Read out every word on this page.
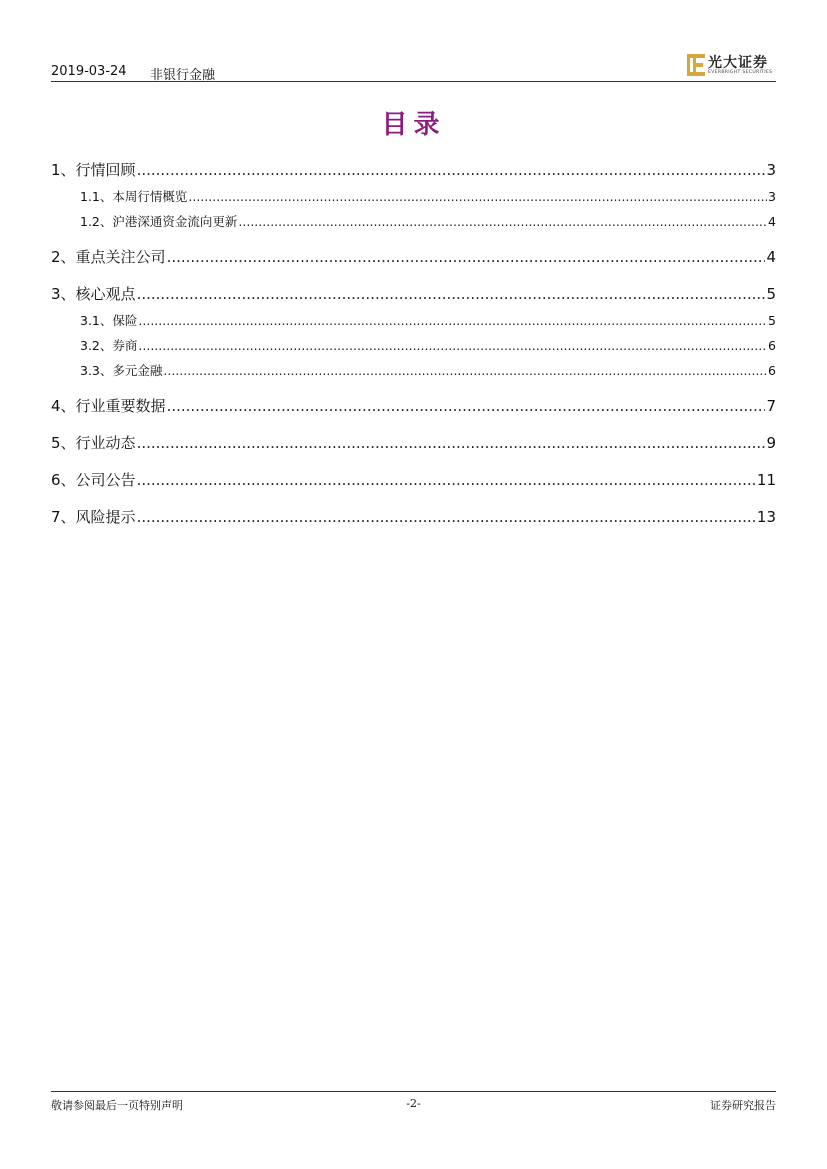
2019-03-24 非银行金融
光大证券
EVERBRIGHT SECURITIES
目录
1、 行情回顾 .....	3
1.1、 本周行情概览 .....	3
1.2、 沪港深通资金流向更新 .....	4
2、 重点关注公司 .....	4
3、 核心观点 .....	5
3.1、 保险 .....	5
3.2、 券商 .....	6
3.3、 多元金融 .....	6
4、 行业重要数据 .....	7
5、 行业动态 .....	9
6、 公司公告 .....	11
7、 风险提示 .....	13
敬请参阅最后一页特别声明	-2-	证券研究报告
